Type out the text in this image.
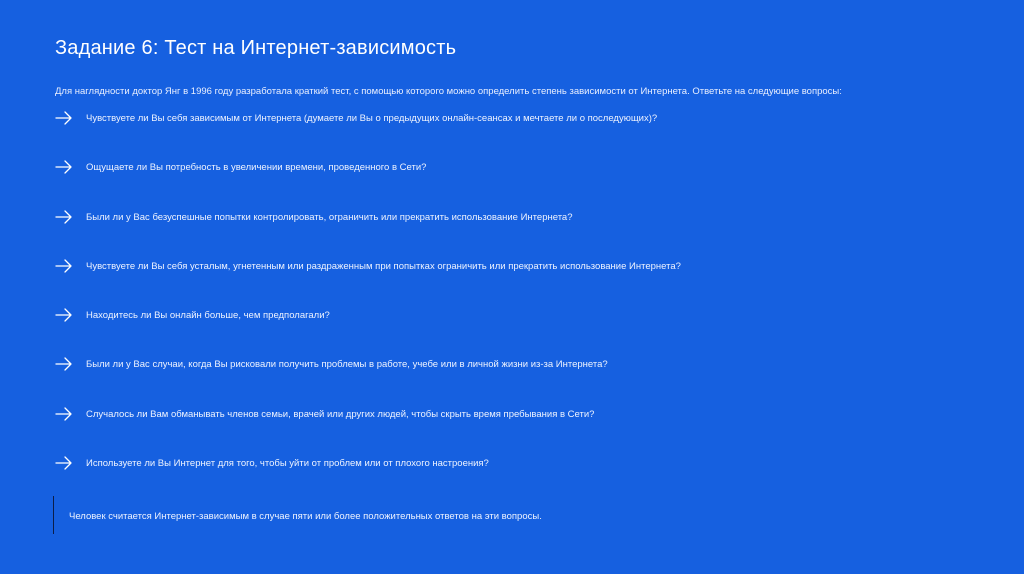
Задание 6: Тест на Интернет-зависимость
Для наглядности доктор Янг в 1996 году разработала краткий тест, с помощью которого можно определить степень зависимости от Интернета. Ответьте на следующие вопросы:
Чувствуете ли Вы себя зависимым от Интернета (думаете ли Вы о предыдущих онлайн-сеансах и мечтаете ли о последующих)?
Ощущаете ли Вы потребность в увеличении времени, проведенного в Сети?
Были ли у Вас безуспешные попытки контролировать, ограничить или прекратить использование Интернета?
Чувствуете ли Вы себя усталым, угнетенным или раздраженным при попытках ограничить или прекратить использование Интернета?
Находитесь ли Вы онлайн больше, чем предполагали?
Были ли у Вас случаи, когда Вы рисковали получить проблемы в работе, учебе или в личной жизни из-за Интернета?
Случалось ли Вам обманывать членов семьи, врачей или других людей, чтобы скрыть время пребывания в Сети?
Используете ли Вы Интернет для того, чтобы уйти от проблем или от плохого настроения?
Человек считается Интернет-зависимым в случае пяти или более положительных ответов на эти вопросы.
